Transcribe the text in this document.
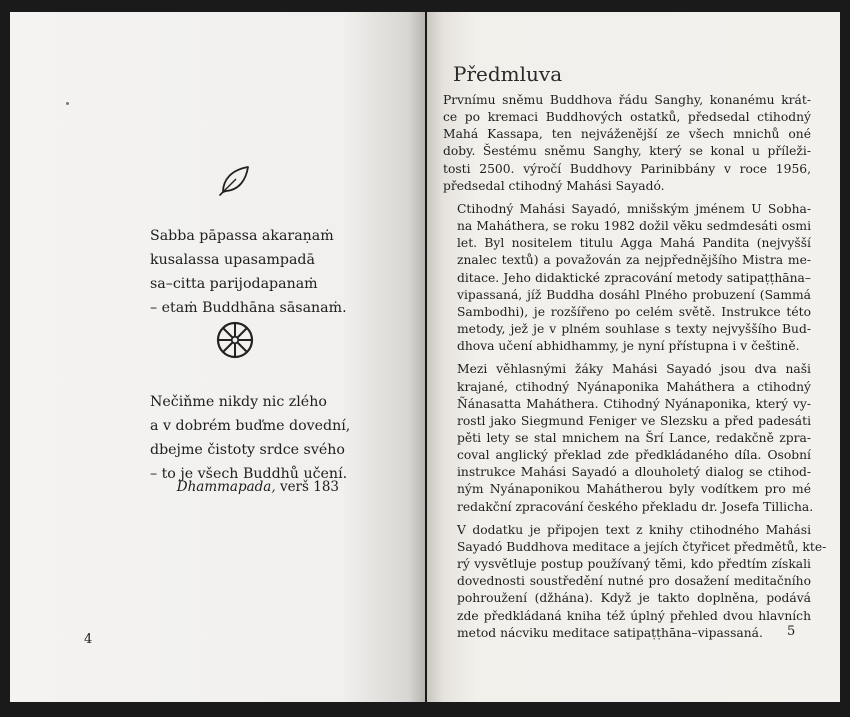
Sabba pāpassa akaraṇaṁ
kusalassa upasampadā
sa–citta parijodapanaṁ
– etaṁ Buddhāna sāsanaṁ.
Nečiňme nikdy nic zlého
a v dobrém buďme dovední,
dbejme čistoty srdce svého
– to je všech Buddhů učení.
Dhammapada, verš 183
4
Předmluva

Prvnímu sněmu Buddhova řádu Sanghy, konanému krát-
ce po kremaci Buddhových ostatků, předsedal ctihodný
Mahá Kassapa, ten nejváženější ze všech mnichů oné
doby. Šestému sněmu Sanghy, který se konal u příleži-
tosti 2500. výročí Buddhovy Parinibbány v roce 1956,
předsedal ctihodný Mahási Sayadó.

Ctihodný Mahási Sayadó, mnišským jménem U Sobha-
na Maháthera, se roku 1982 dožil věku sedmdesáti osmi
let. Byl nositelem titulu Agga Mahá Pandita (nejvyšší
znalec textů) a považován za nejpřednějšího Mistra me-
ditace. Jeho didaktické zpracování metody satipaṭṭhāna–
vipassaná, jíž Buddha dosáhl Plného probuzení (Sammá
Sambodhi), je rozšířeno po celém světě. Instrukce této
metody, jež je v plném souhlase s texty nejvyššího Bud-
dhova učení abhidhammy, je nyní přístupna i v češtině.

Mezi věhlasnými žáky Mahási Sayadó jsou dva naši
krajané, ctihodný Nyánaponika Maháthera a ctihodný
Ñánasatta Maháthera. Ctihodný Nyánaponika, který vy-
rostl jako Siegmund Feniger ve Slezsku a před padesáti
pěti lety se stal mnichem na Šrí Lance, redakčně zpra-
coval anglický překlad zde předkládaného díla. Osobní
instrukce Mahási Sayadó a dlouholetý dialog se ctihod-
ným Nyánaponikou Maháthеrou byly vodítkem pro mé
redakční zpracování českého překladu dr. Josefa Tillicha.

V dodatku je připojen text z knihy ctihodného Mahási
Sayadó Buddhova meditace a jejích čtyřicet předmětů, kte-
rý vysvětluje postup používaný těmi, kdo předtím získali
dovednosti soustředění nutné pro dosažení meditačního
pohroužení (džhána). Když je takto doplněna, podává
zde předkládaná kniha též úplný přehled dvou hlavních
metod nácviku meditace satipaṭṭhāna–vipassaná.	5
